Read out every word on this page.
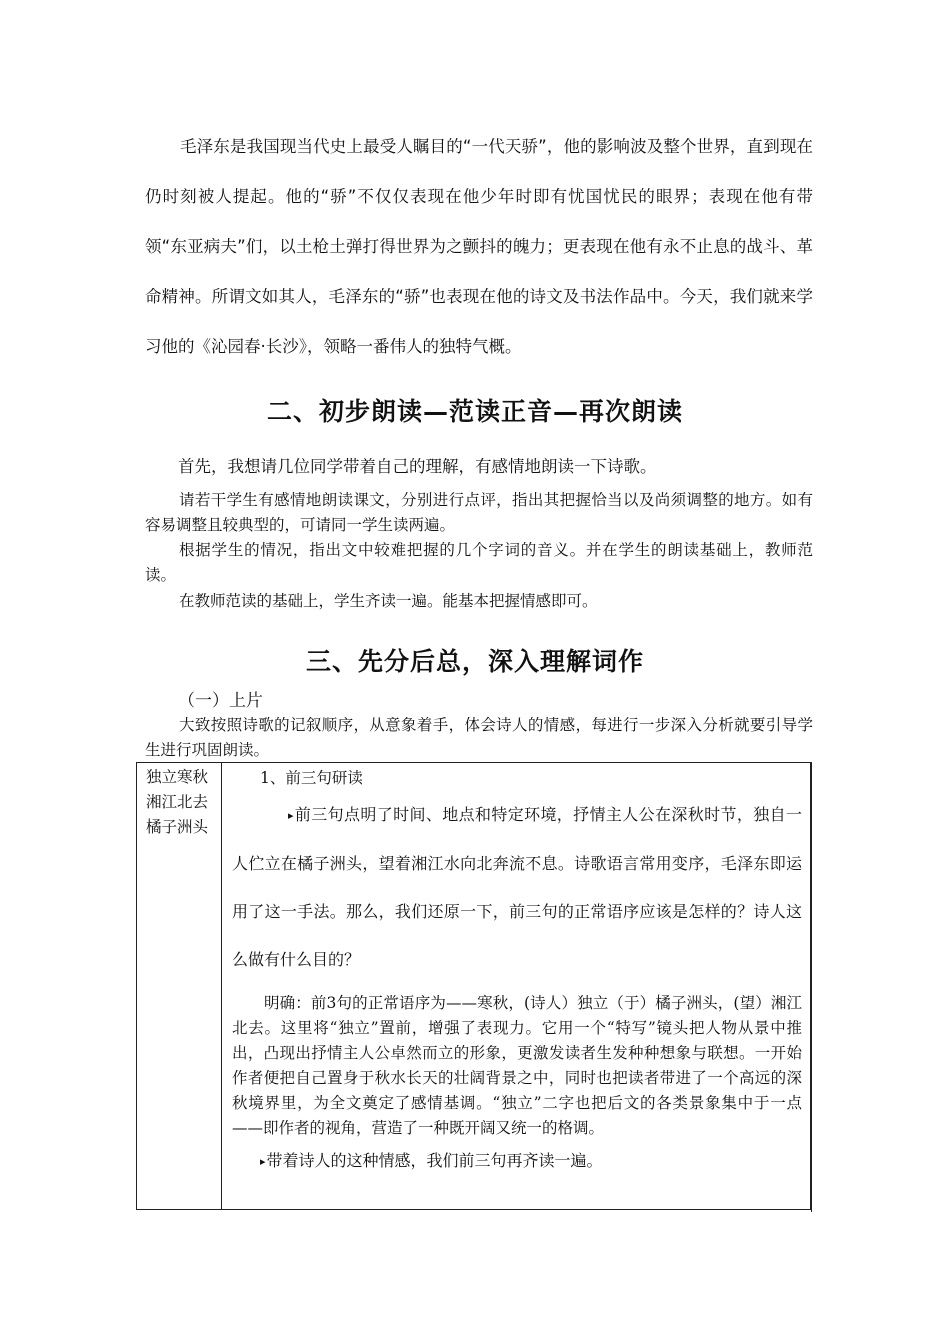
毛泽东是我国现当代史上最受人瞩目的“一代天骄”，他的影响波及整个世界，直到现在仍时刻被人提起。他的“骄”不仅仅表现在他少年时即有忧国忧民的眼界；表现在他有带领“东亚病夫”们，以土枪土弹打得世界为之颤抖的魄力；更表现在他有永不止息的战斗、革命精神。所谓文如其人，毛泽东的“骄”也表现在他的诗文及书法作品中。今天，我们就来学习他的《沁园春·长沙》，领略一番伟人的独特气概。

二、初步朗读—范读正音—再次朗读

首先，我想请几位同学带着自己的理解，有感情地朗读一下诗歌。

请若干学生有感情地朗读课文，分别进行点评，指出其把握恰当以及尚须调整的地方。如有容易调整且较典型的，可请同一学生读两遍。

根据学生的情况，指出文中较难把握的几个字词的音义。并在学生的朗读基础上，教师范读。

在教师范读的基础上，学生齐读一遍。能基本把握情感即可。

三、先分后总，深入理解词作

（一）上片

大致按照诗歌的记叙顺序，从意象着手，体会诗人的情感，每进行一步深入分析就要引导学生进行巩固朗读。

独立寒秋
湘江北去
橘子洲头

1、前三句研读

▸前三句点明了时间、地点和特定环境，抒情主人公在深秋时节，独自一人伫立在橘子洲头，望着湘江水向北奔流不息。诗歌语言常用变序，毛泽东即运用了这一手法。那么，我们还原一下，前三句的正常语序应该是怎样的？诗人这么做有什么目的？

明确：前3句的正常语序为——寒秋，(诗人）独立（于）橘子洲头，(望）湘江北去。这里将“独立”置前，增强了表现力。它用一个“特写”镜头把人物从景中推出，凸现出抒情主人公卓然而立的形象，更激发读者生发种种想象与联想。一开始作者便把自己置身于秋水长天的壮阔背景之中，同时也把读者带进了一个高远的深秋境界里，为全文奠定了感情基调。“独立”二字也把后文的各类景象集中于一点——即作者的视角，营造了一种既开阔又统一的格调。

▸带着诗人的这种情感，我们前三句再齐读一遍。
